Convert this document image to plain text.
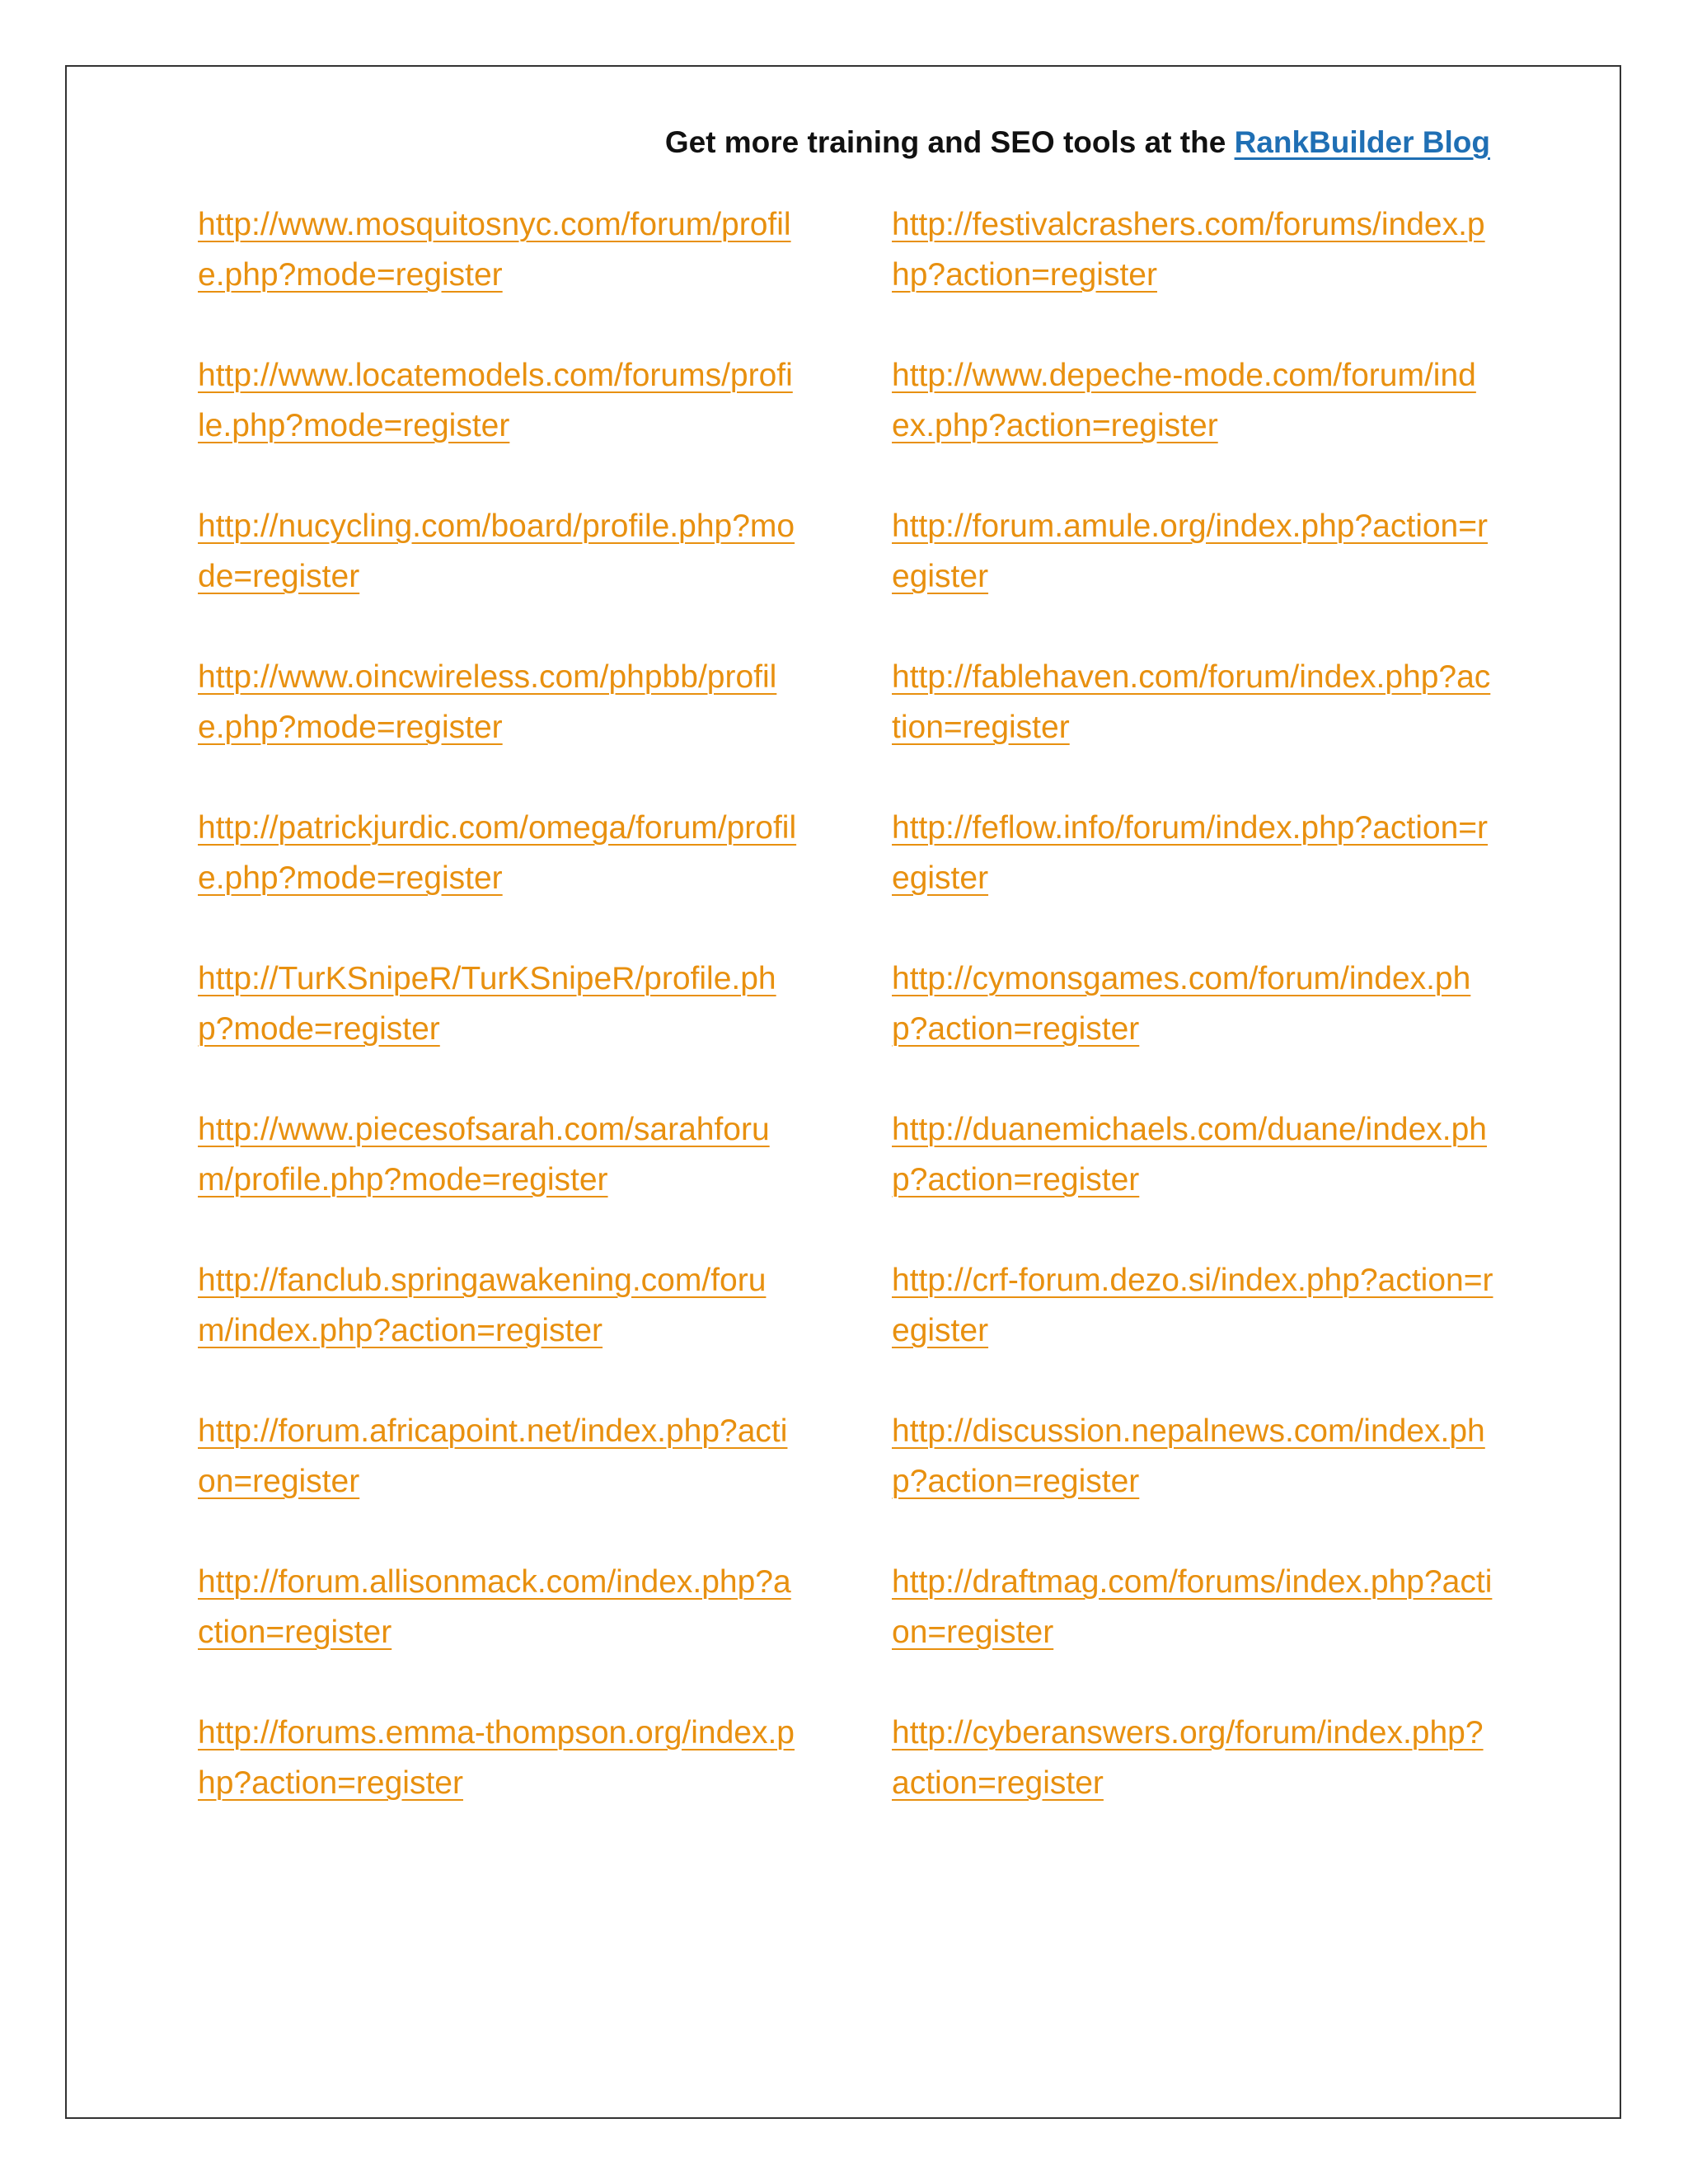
Get more training and SEO tools at the RankBuilder Blog
http://www.mosquitosnyc.com/forum/profile.php?mode=register
http://www.locatemodels.com/forums/profile.php?mode=register
http://nucycling.com/board/profile.php?mode=register
http://www.oincwireless.com/phpbb/profile.php?mode=register
http://patrickjurdic.com/omega/forum/profile.php?mode=register
http://TurKSnipeR/TurKSnipeR/profile.php?mode=register
http://www.piecesofsarah.com/sarahforum/profile.php?mode=register
http://fanclub.springawakening.com/forum/index.php?action=register
http://forum.africapoint.net/index.php?action=register
http://forum.allisonmack.com/index.php?action=register
http://forums.emma-thompson.org/index.php?action=register
http://festivalcrashers.com/forums/index.php?action=register
http://www.depeche-mode.com/forum/index.php?action=register
http://forum.amule.org/index.php?action=register
http://fablehaven.com/forum/index.php?action=register
http://feflow.info/forum/index.php?action=register
http://cymonsgames.com/forum/index.php?action=register
http://duanemichaels.com/duane/index.php?action=register
http://crf-forum.dezo.si/index.php?action=register
http://discussion.nepalnews.com/index.php?action=register
http://draftmag.com/forums/index.php?action=register
http://cyberanswers.org/forum/index.php?action=register
